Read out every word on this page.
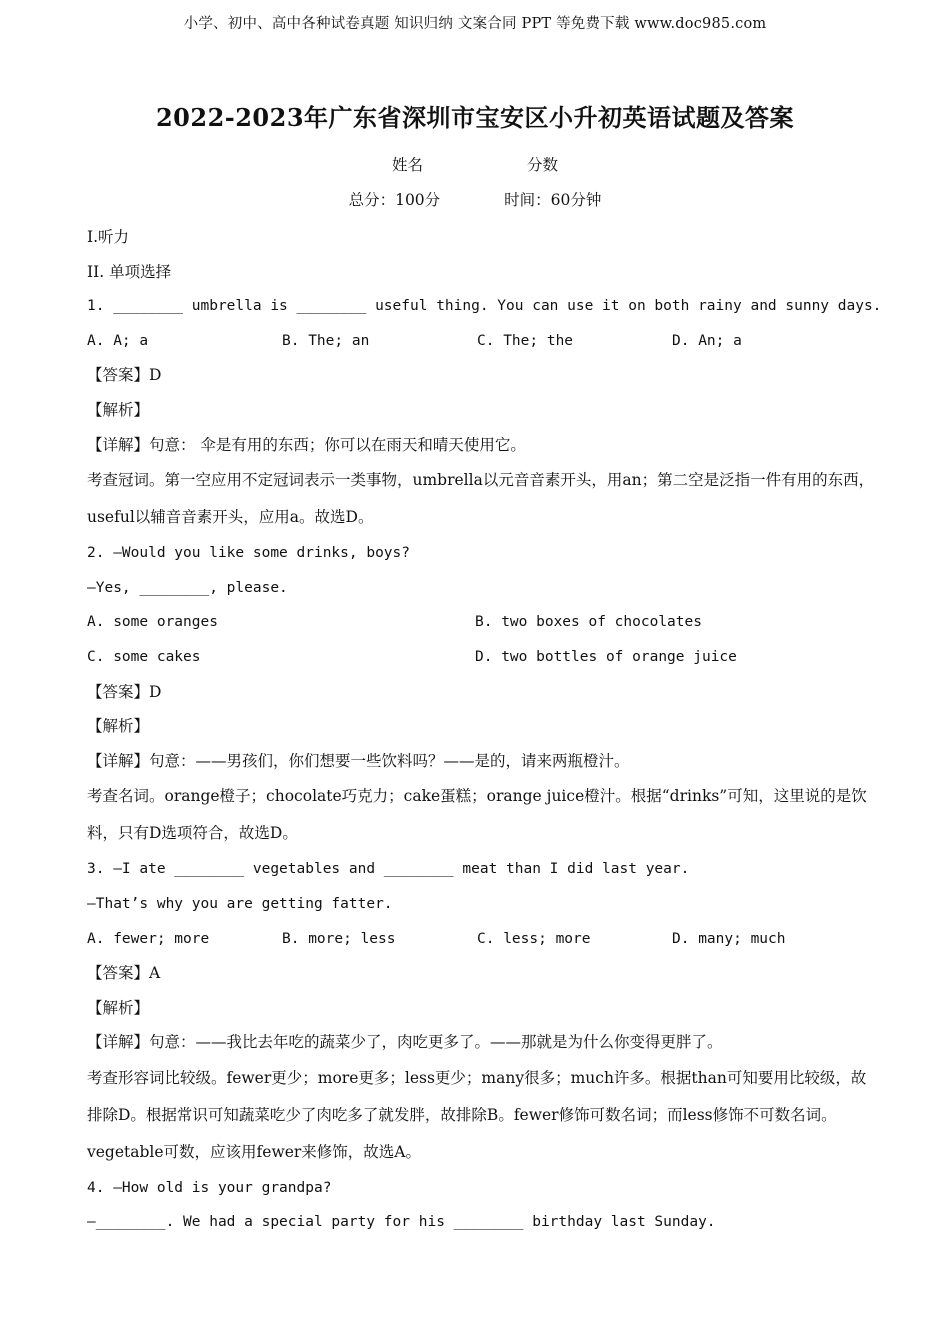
小学、初中、高中各种试卷真题 知识归纳 文案合同 PPT 等免费下载 www.doc985.com
2022-2023年广东省深圳市宝安区小升初英语试题及答案
姓名	分数
总分：100分	时间：60分钟
Ⅰ.听力
II. 单项选择
1. ________ umbrella is ________ useful thing. You can use it on both rainy and sunny days.
A. A; a	B. The; an	C. The; the	D. An; a
【答案】D
【解析】
【详解】句意： 伞是有用的东西；你可以在雨天和晴天使用它。
考查冠词。第一空应用不定冠词表示一类事物，umbrella以元音音素开头，用an；第二空是泛指一件有用的东西，useful以辅音音素开头，应用a。故选D。
2. —Would you like some drinks, boys?
—Yes, ________, please.
A. some oranges	B. two boxes of chocolates
C. some cakes	D. two bottles of orange juice
【答案】D
【解析】
【详解】句意：——男孩们，你们想要一些饮料吗？——是的，请来两瓶橙汁。
考查名词。orange橙子；chocolate巧克力；cake蛋糕；orange juice橙汁。根据“drinks”可知，这里说的是饮料，只有D选项符合，故选D。
3. —I ate ________ vegetables and ________ meat than I did last year.
—That’s why you are getting fatter.
A. fewer; more	B. more; less	C. less; more	D. many; much
【答案】A
【解析】
【详解】句意：——我比去年吃的蔬菜少了，肉吃更多了。——那就是为什么你变得更胖了。
考查形容词比较级。fewer更少；more更多；less更少；many很多；much许多。根据than可知要用比较级，故排除D。根据常识可知蔬菜吃少了肉吃多了就发胖，故排除B。fewer修饰可数名词；而less修饰不可数名词。vegetable可数，应该用fewer来修饰，故选A。
4. —How old is your grandpa?
—________. We had a special party for his ________ birthday last Sunday.
